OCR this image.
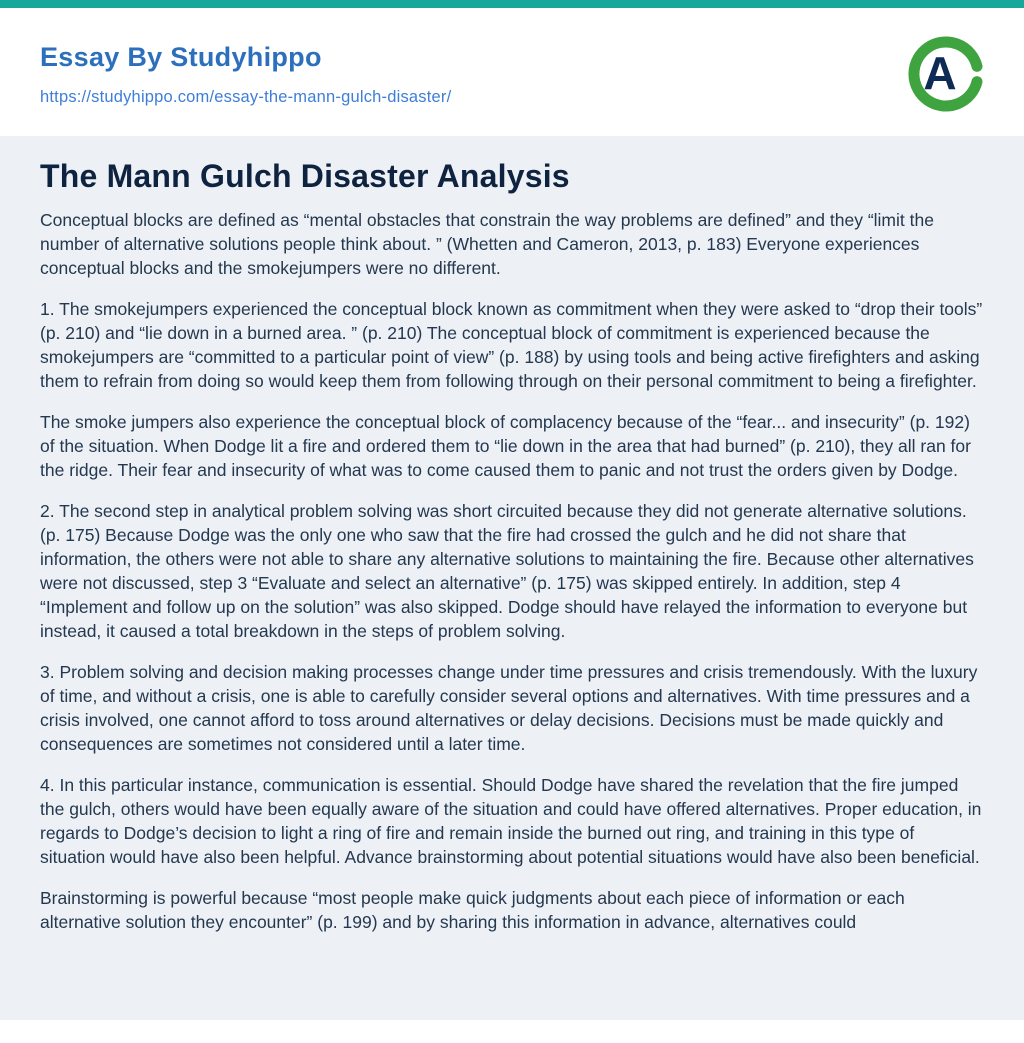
Essay By Studyhippo
https://studyhippo.com/essay-the-mann-gulch-disaster/	A
The Mann Gulch Disaster Analysis

Conceptual blocks are defined as “mental obstacles that constrain the way problems are defined” and they “limit the number of alternative solutions people think about. ” (Whetten and Cameron, 2013, p. 183) Everyone experiences conceptual blocks and the smokejumpers were no different.

1. The smokejumpers experienced the conceptual block known as commitment when they were asked to “drop their tools” (p. 210) and “lie down in a burned area. ” (p. 210) The conceptual block of commitment is experienced because the smokejumpers are “committed to a particular point of view” (p. 188) by using tools and being active firefighters and asking them to refrain from doing so would keep them from following through on their personal commitment to being a firefighter.

The smoke jumpers also experience the conceptual block of complacency because of the “fear... and insecurity” (p. 192) of the situation. When Dodge lit a fire and ordered them to “lie down in the area that had burned” (p. 210), they all ran for the ridge. Their fear and insecurity of what was to come caused them to panic and not trust the orders given by Dodge.

2. The second step in analytical problem solving was short circuited because they did not generate alternative solutions. (p. 175) Because Dodge was the only one who saw that the fire had crossed the gulch and he did not share that information, the others were not able to share any alternative solutions to maintaining the fire. Because other alternatives were not discussed, step 3 “Evaluate and select an alternative” (p. 175) was skipped entirely. In addition, step 4 “Implement and follow up on the solution” was also skipped. Dodge should have relayed the information to everyone but instead, it caused a total breakdown in the steps of problem solving.

3. Problem solving and decision making processes change under time pressures and crisis tremendously. With the luxury of time, and without a crisis, one is able to carefully consider several options and alternatives. With time pressures and a crisis involved, one cannot afford to toss around alternatives or delay decisions. Decisions must be made quickly and consequences are sometimes not considered until a later time.

4. In this particular instance, communication is essential. Should Dodge have shared the revelation that the fire jumped the gulch, others would have been equally aware of the situation and could have offered alternatives. Proper education, in regards to Dodge’s decision to light a ring of fire and remain inside the burned out ring, and training in this type of situation would have also been helpful. Advance brainstorming about potential situations would have also been beneficial.

Brainstorming is powerful because “most people make quick judgments about each piece of information or each alternative solution they encounter” (p. 199) and by sharing this information in advance, alternatives could
